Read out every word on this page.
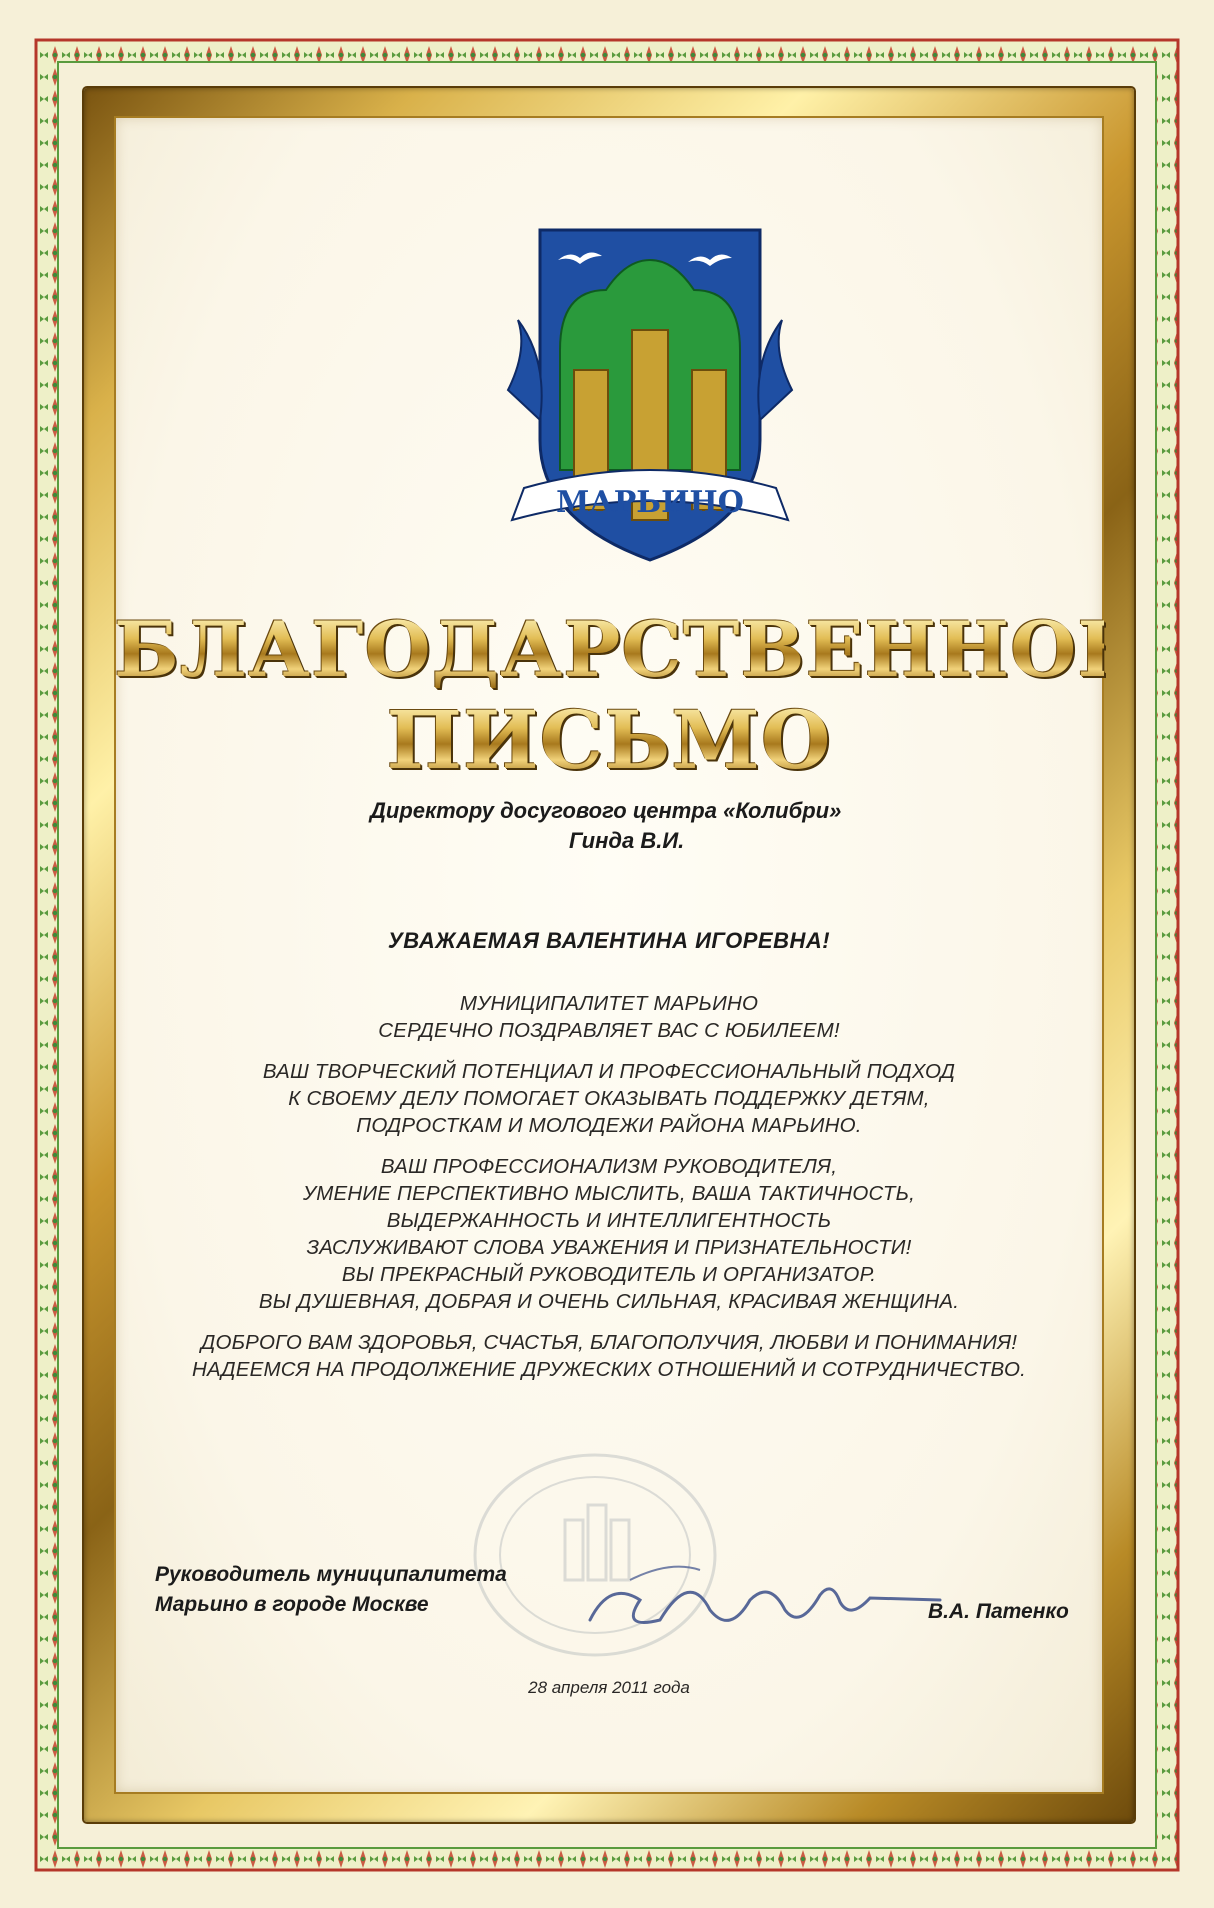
МАРЬИНО
БЛАГОДАРСТВЕННОЕ
ПИСЬМО
Директору досугового центра «Колибри»
Гинда В.И.
УВАЖАЕМАЯ ВАЛЕНТИНА ИГОРЕВНА!

МУНИЦИПАЛИТЕТ МАРЬИНО

СЕРДЕЧНО ПОЗДРАВЛЯЕТ ВАС С ЮБИЛЕЕМ!

ВАШ ТВОРЧЕСКИЙ ПОТЕНЦИАЛ И ПРОФЕССИОНАЛЬНЫЙ ПОДХОД

К СВОЕМУ ДЕЛУ ПОМОГАЕТ ОКАЗЫВАТЬ ПОДДЕРЖКУ ДЕТЯМ,

ПОДРОСТКАМ И МОЛОДЕЖИ РАЙОНА МАРЬИНО.

ВАШ ПРОФЕССИОНАЛИЗМ РУКОВОДИТЕЛЯ,

УМЕНИЕ ПЕРСПЕКТИВНО МЫСЛИТЬ, ВАША ТАКТИЧНОСТЬ,

ВЫДЕРЖАННОСТЬ И ИНТЕЛЛИГЕНТНОСТЬ

ЗАСЛУЖИВАЮТ СЛОВА УВАЖЕНИЯ И ПРИЗНАТЕЛЬНОСТИ!

ВЫ ПРЕКРАСНЫЙ РУКОВОДИТЕЛЬ И ОРГАНИЗАТОР.

ВЫ ДУШЕВНАЯ, ДОБРАЯ И ОЧЕНЬ СИЛЬНАЯ, КРАСИВАЯ ЖЕНЩИНА.

ДОБРОГО ВАМ ЗДОРОВЬЯ, СЧАСТЬЯ, БЛАГОПОЛУЧИЯ, ЛЮБВИ И ПОНИМАНИЯ!

НАДЕЕМСЯ НА ПРОДОЛЖЕНИЕ ДРУЖЕСКИХ ОТНОШЕНИЙ И СОТРУДНИЧЕСТВО.

Руководитель муниципалитета
Марьино в городе Москве	В.А. Патенко
28 апреля 2011 года
